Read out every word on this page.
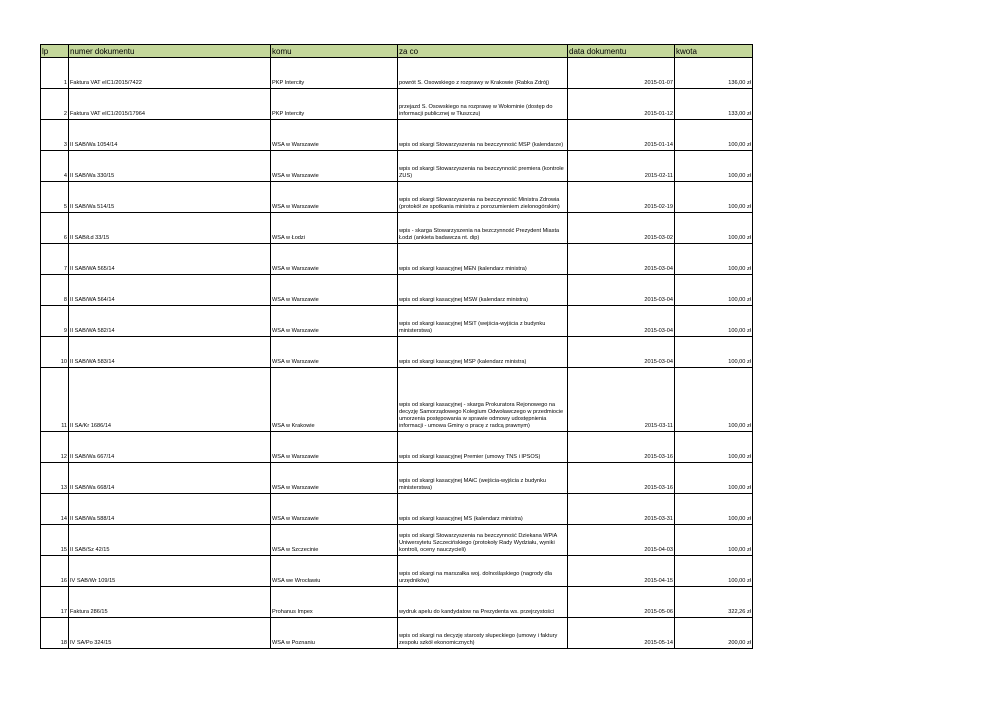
lp	numer dokumentu	komu	za co	data dokumentu	kwota
1	Faktura VAT eIC1/2015/7422	PKP Intercity	powrót S. Osowskiego z rozprawy w Krakowie (Rabka Zdrój)	2015-01-07	136,00 zł
2	Faktura VAT eIC1/2015/17964	PKP Intercity	przejazd S. Osowskiego na rozprawę w Wołominie (dostęp do informacji publicznej w Tłuszczu)	2015-01-12	133,00 zł
3	II SAB/Wa 1054/14	WSA w Warszawie	wpis od skargi Stowarzyszenia na bezczynność MSP (kalendarze)	2015-01-14	100,00 zł
4	II SAB/Wa 330/15	WSA w Warszawie	wpis od skargi Stowarzyszenia na bezczynność premiera (kontrole ZUS)	2015-02-11	100,00 zł
5	II SAB/Wa 514/15	WSA w Warszawie	wpis od skargi Stowarzyszenia na bezczynność Ministra Zdrowia (protokół ze spotkania ministra z porozumieniem zielonogórskim)	2015-02-19	100,00 zł
6	II SAB/Łd 33/15	WSA w Łodzi	wpis - skarga Stowarzyszenia na bezczynność Prezydent Miasta Łodzi (ankieta badawcza nt. dip)	2015-03-02	100,00 zł
7	II SAB/WA 565/14	WSA w Warszawie	wpis od skargi kasacyjnej MEN (kalendarz ministra)	2015-03-04	100,00 zł
8	II SAB/WA 564/14	WSA w Warszawie	wpis od skargi kasacyjnej MSW (kalendarz ministra)	2015-03-04	100,00 zł
9	II SAB/WA 582/14	WSA w Warszawie	wpis od skargi kasacyjnej MSiT (wejścia-wyjścia z budynku ministerstwa)	2015-03-04	100,00 zł
10	II SAB/WA 583/14	WSA w Warszawie	wpis od skargi kasacyjnej MSP (kalendarz ministra)	2015-03-04	100,00 zł
11	II SA/Kr 1686/14	WSA w Krakowie	wpis od skargi kasacyjnej - skarga Prokuratora Rejonowego na decyzję Samorządowego Kolegium Odwoławczego w przedmiocie umorzenia postępowania w sprawie odmowy udostępnienia informacji - umowa Gminy o pracę z radcą prawnym)	2015-03-11	100,00 zł
12	II SAB/Wa 667/14	WSA w Warszawie	wpis od skargi kasacyjnej Premier (umowy TNS i IPSOS)	2015-03-16	100,00 zł
13	II SAB/Wa 668/14	WSA w Warszawie	wpis od skargi kasacyjnej MAiC (wejścia-wyjścia z budynku ministerstwa)	2015-03-16	100,00 zł
14	II SAB/Wa 588/14	WSA w Warszawie	wpis od skargi kasacyjnej MS (kalendarz ministra)	2015-03-31	100,00 zł
15	II SAB/Sz 42/15	WSA w Szczecinie	wpis od skargi Stowarzyszenia na bezczynność Dziekana WPiA Uniwersytetu Szczecińskiego (protokoły Rady Wydziału, wyniki kontroli, oceny nauczycieli)	2015-04-03	100,00 zł
16	IV SAB/Wr 109/15	WSA we Wrocławiu	wpis od skargi na marszałka woj. dolnośląskiego (nagrody dla urzędników)	2015-04-15	100,00 zł
17	Faktura 286/15	Prohanus Impex	wydruk apelu do kandydatow na Prezydenta ws. przejrzystości	2015-05-06	322,26 zł
18	IV SA/Po 324/15	WSA w Poznaniu	wpis od skargi na decyzję starosty słupeckiego (umowy i faktury zespołu szkół ekonomicznych)	2015-05-14	200,00 zł
